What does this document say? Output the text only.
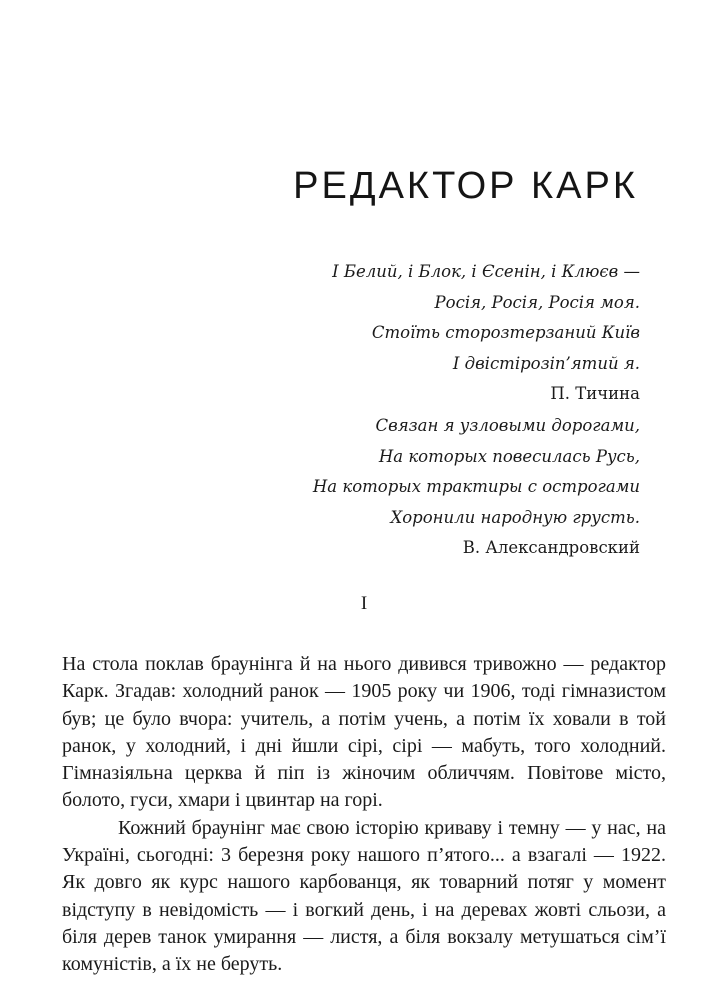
РЕДАКТОР КАРК
І Белий, і Блок, і Єсенін, і Клюєв —
Росія, Росія, Росія моя.
Стоїть сторозтерзаний Київ
І двістірозіп’ятий я.
П. Тичина
Связан я узловыми дорогами,
На которых повесилась Русь,
На которых трактиры с острогами
Хоронили народную грусть.
В. Александровский
I

На стола поклав браунінга й на нього дивився тривожно — редактор Карк. Згадав: холодний ранок — 1905 року чи 1906, тоді гімназистом був; це було вчора: учитель, а потім учень, а потім їх ховали в той ранок, у холодний, і дні йшли сірі, сірі — мабуть, того холодний. Гімназіяльна церква й піп із жіночим обличчям. Повітове місто, болото, гуси, хмари і цвинтар на горі.

Кожний браунінг має свою історію криваву і темну — у нас, на Україні, сьогодні: 3 березня року нашого п’ятого... а взагалі — 1922. Як довго як курс нашого карбованця, як товарний потяг у момент відступу в невідомість — і вогкий день, і на деревах жовті сльози, а біля дерев танок умирання — листя, а біля вокзалу метушаться сім’ї комуністів, а їх не беруть.
